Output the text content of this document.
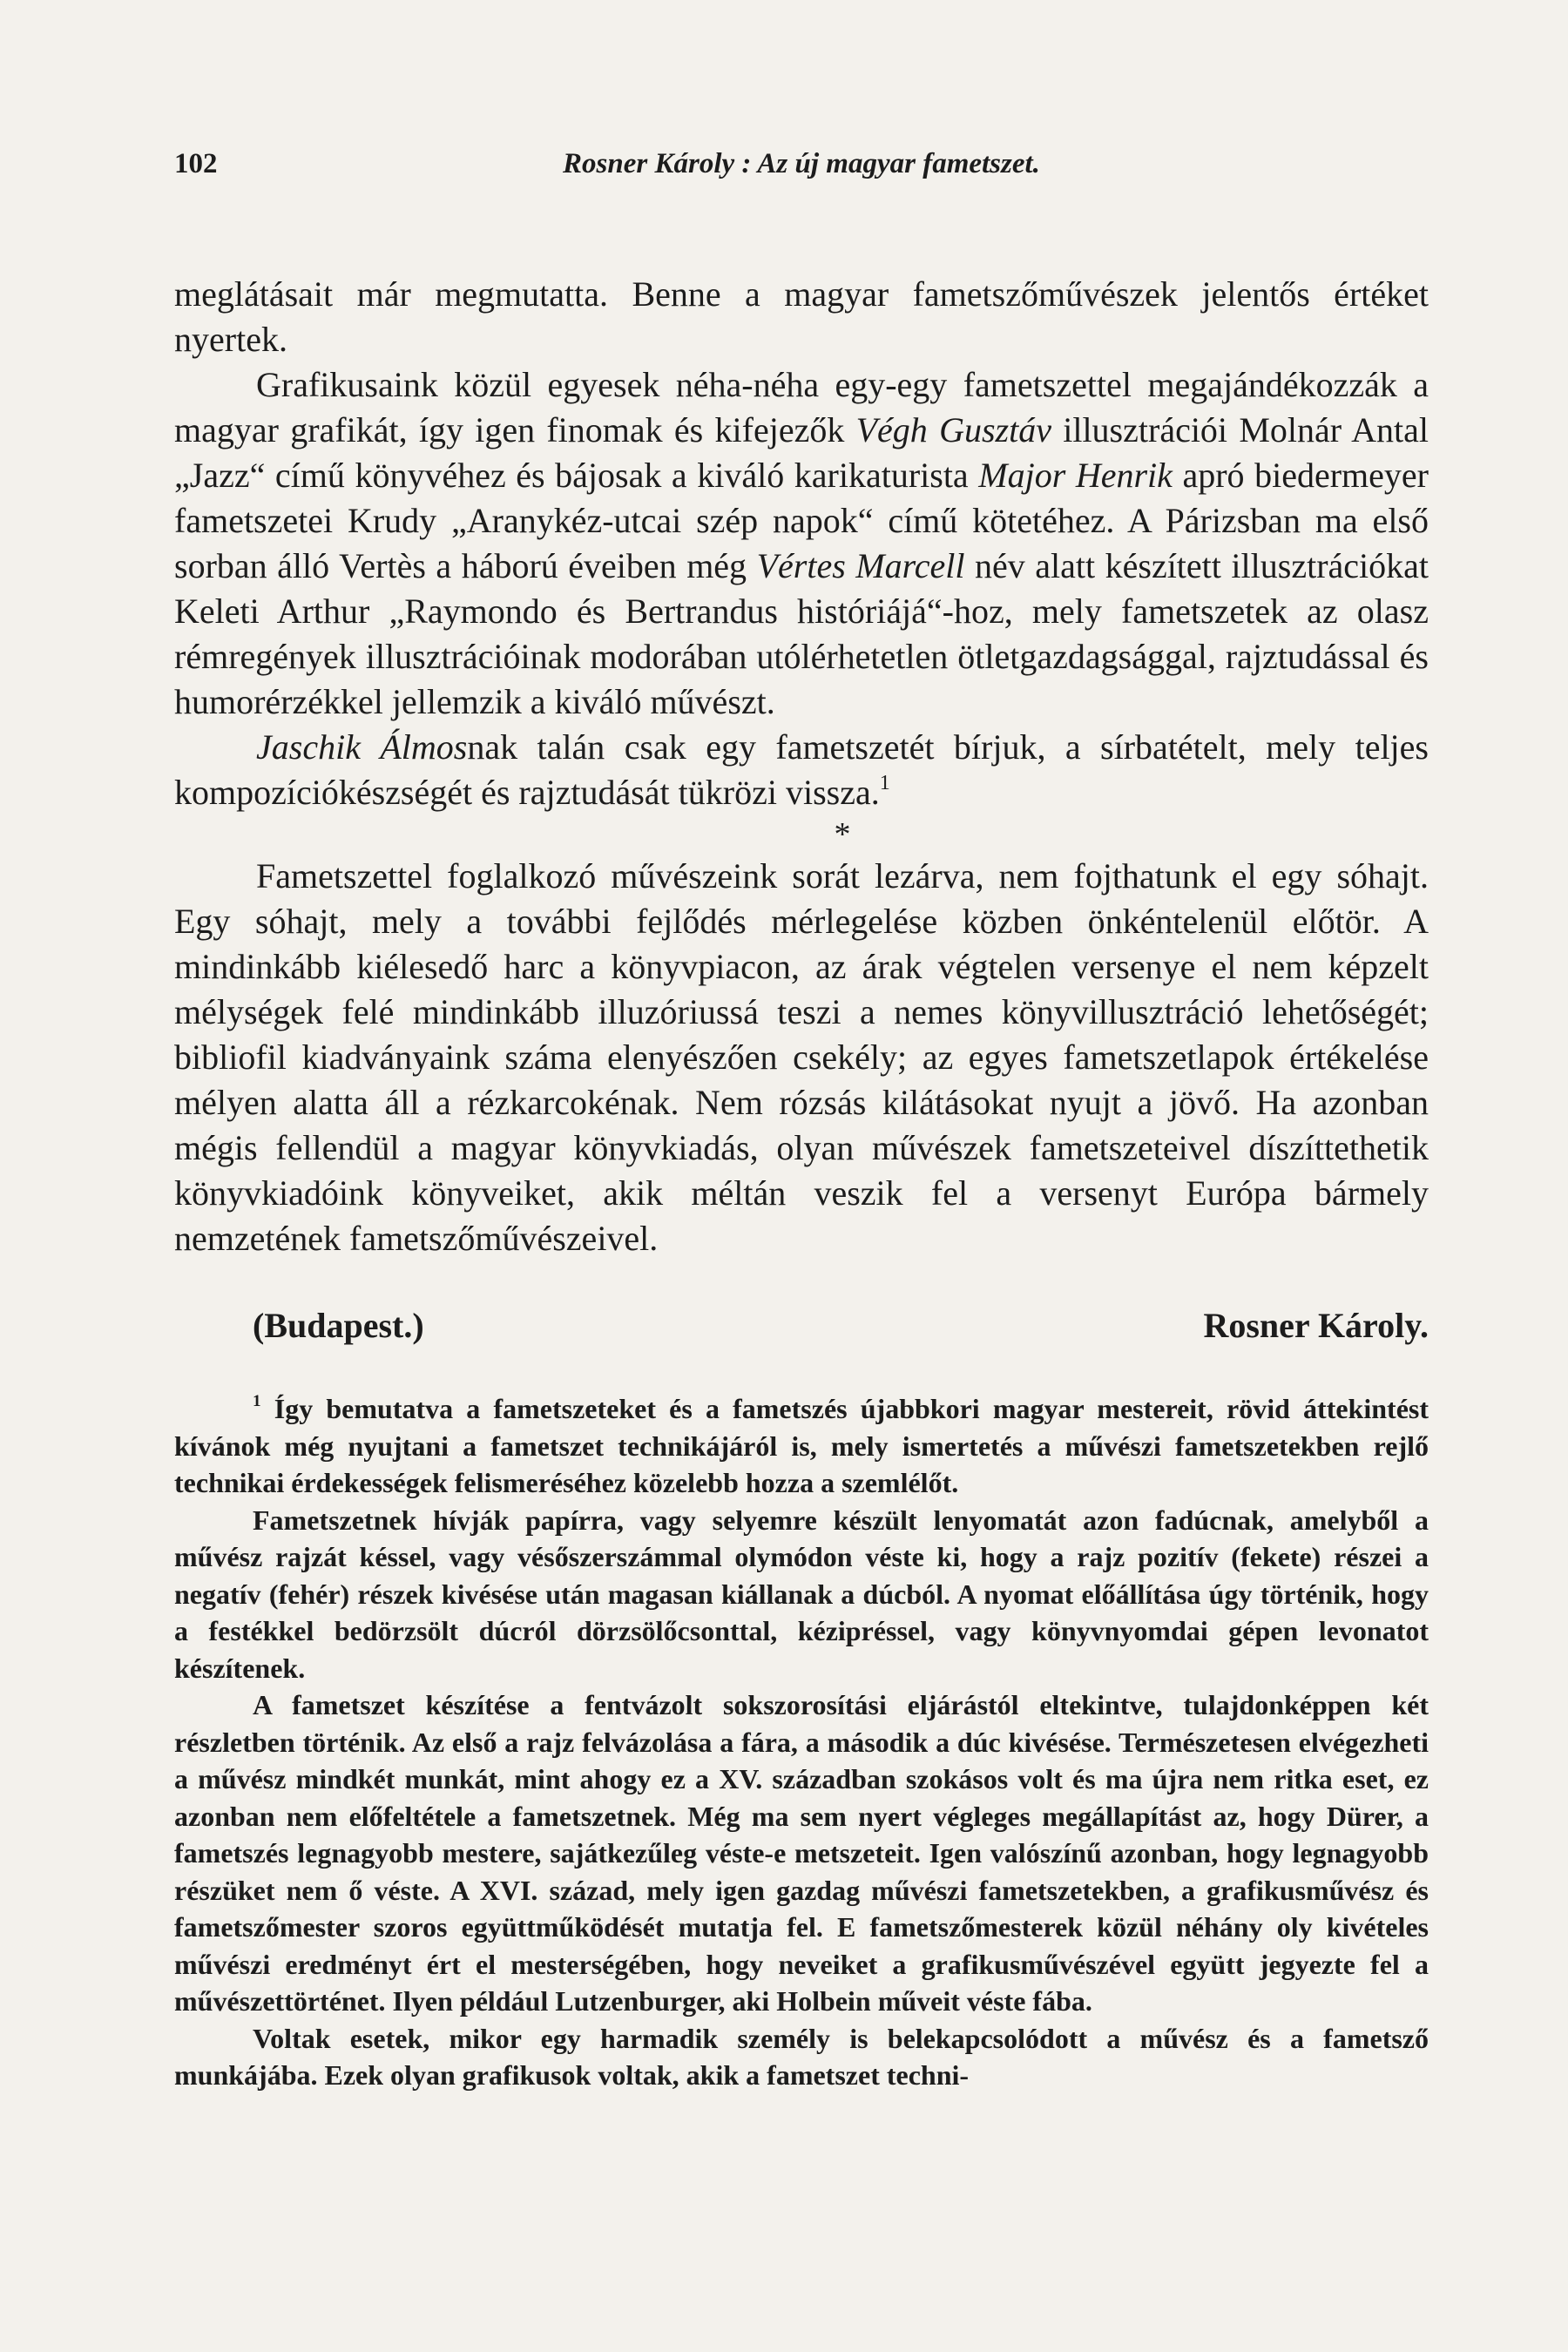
102	Rosner Károly : Az új magyar fametszet.

meglátásait már megmutatta. Benne a magyar fametszőművészek jelentős értéket nyertek.

Grafikusaink közül egyesek néha-néha egy-egy fametszettel megajándékozzák a magyar grafikát, így igen finomak és kifejezők Végh Gusztáv illusztrációi Molnár Antal „Jazz“ című könyvéhez és bájosak a kiváló karikaturista Major Henrik apró biedermeyer fametszetei Krudy „Aranykéz-utcai szép napok“ című kötetéhez. A Párizsban ma első sorban álló Vertès a háború éveiben még Vértes Marcell név alatt készített illusztrációkat Keleti Arthur „Raymondo és Bertrandus históriájá“-hoz, mely fametszetek az olasz rémregények illusztrációinak modorában utólérhetetlen ötletgazdagsággal, rajztudással és humorérzékkel jellemzik a kiváló művészt.

Jaschik Álmosnak talán csak egy fametszetét bírjuk, a sírbatételt, mely teljes kompozíciókészségét és rajztudását tükrözi vissza.$^1$

*

Fametszettel foglalkozó művészeink sorát lezárva, nem fojthatunk el egy sóhajt. Egy sóhajt, mely a további fejlődés mérlegelése közben önkéntelenül előtör. A mindinkább kiélesedő harc a könyvpiacon, az árak végtelen versenye el nem képzelt mélységek felé mindinkább illuzóriussá teszi a nemes könyvillusztráció lehetőségét; bibliofil kiadványaink száma elenyészően csekély; az egyes fametszetlapok értékelése mélyen alatta áll a rézkarcokénak. Nem rózsás kilátásokat nyujt a jövő. Ha azonban mégis fellendül a magyar könyvkiadás, olyan művészek fametszeteivel díszíttethetik könyvkiadóink könyveiket, akik méltán veszik fel a versenyt Európa bármely nemzetének fametszőművészeivel.

(Budapest.)	Rosner Károly.

$^1$ Így bemutatva a fametszeteket és a fametszés újabbkori magyar mestereit, rövid áttekintést kívánok még nyujtani a fametszet technikájáról is, mely ismertetés a művészi fametszetekben rejlő technikai érdekességek felismeréséhez közelebb hozza a szemlélőt.

Fametszetnek hívják papírra, vagy selyemre készült lenyomatát azon fadúcnak, amelyből a művész rajzát késsel, vagy vésőszerszámmal olymódon véste ki, hogy a rajz pozitív (fekete) részei a negatív (fehér) részek kivésése után magasan kiállanak a dúcból. A nyomat előállítása úgy történik, hogy a festékkel bedörzsölt dúcról dörzsölőcsonttal, kézipréssel, vagy könyvnyomdai gépen levonatot készítenek.

A fametszet készítése a fentvázolt sokszorosítási eljárástól eltekintve, tulajdonképpen két részletben történik. Az első a rajz felvázolása a fára, a második a dúc kivésése. Természetesen elvégezheti a művész mindkét munkát, mint ahogy ez a XV. században szokásos volt és ma újra nem ritka eset, ez azonban nem előfeltétele a fametszetnek. Még ma sem nyert végleges megállapítást az, hogy Dürer, a fametszés legnagyobb mestere, sajátkezűleg véste-e metszeteit. Igen valószínű azonban, hogy legnagyobb részüket nem ő véste. A XVI. század, mely igen gazdag művészi fametszetekben, a grafikusművész és fametszőmester szoros együttműködését mutatja fel. E fametszőmesterek közül néhány oly kivételes művészi eredményt ért el mesterségében, hogy neveiket a grafikusművészével együtt jegyezte fel a művészettörténet. Ilyen például Lutzenburger, aki Holbein műveit véste fába.

Voltak esetek, mikor egy harmadik személy is belekapcsolódott a művész és a fametsző munkájába. Ezek olyan grafikusok voltak, akik a fametszet techni-
